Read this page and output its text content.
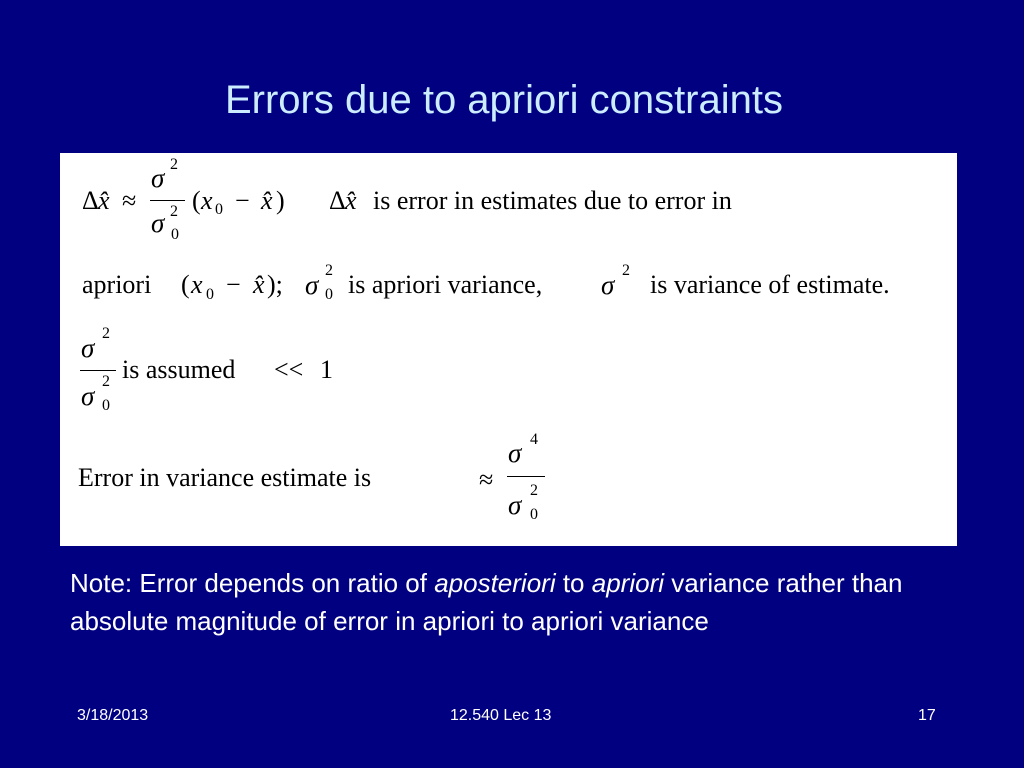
Errors due to apriori constraints
Δ x̂ ≈
σ 2
σ 2
0
( x 0 − x̂ ) Δ x̂ is error in estimates due to error in
apriori ( x 0 − x̂ ); σ 2
0 is apriori variance, σ 2 is variance of estimate.
σ 2
σ 2
0
is assumed << 1
Error in variance estimate is	≈
σ 4
σ 2
0
Note: Error depends on ratio of aposteriori to apriori variance rather than absolute magnitude of error in apriori to apriori variance
3/18/2013	12.540 Lec 13	17
